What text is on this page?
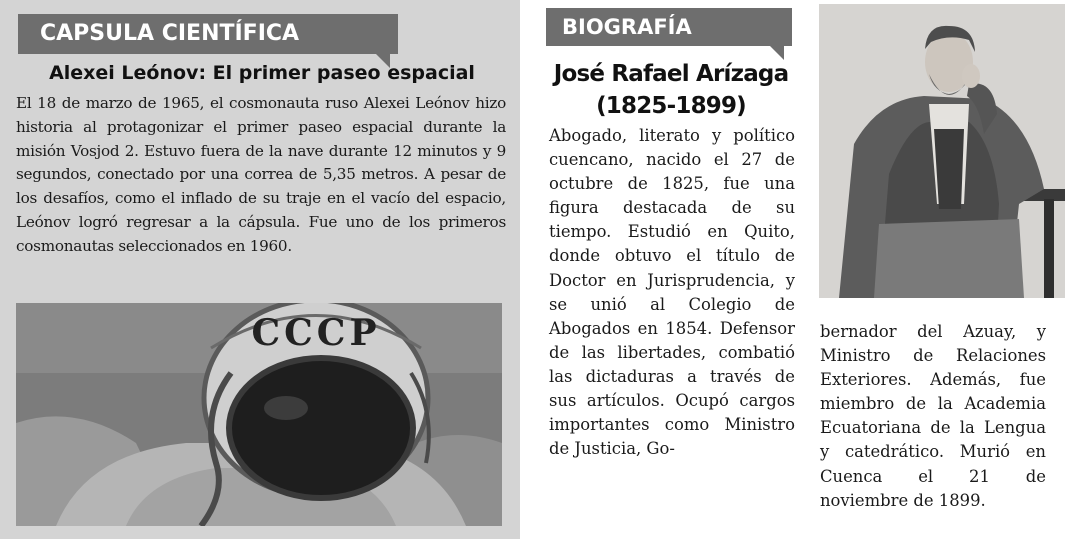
CAPSULA CIENTÍFICA
Alexei Leónov: El primer paseo espacial

El 18 de marzo de 1965, el cosmonauta ruso Alexei Leónov hizo historia al protagonizar el primer paseo espacial durante la misión Vosjod 2. Estuvo fuera de la nave durante 12 minutos y 9 segundos, conectado por una correa de 5,35 metros. A pesar de los desafíos, como el inflado de su traje en el vacío del espacio, Leónov logró regresar a la cápsula. Fue uno de los primeros cosmonautas seleccionados en 1960.

CCCP
BIOGRAFÍA
José Rafael Arízaga
(1825-1899)

Abogado, literato y político cuencano, nacido el 27 de octubre de 1825, fue una figura destacada de su tiempo. Estudió en Quito, donde obtuvo el título de Doctor en Jurisprudencia, y se unió al Colegio de Abogados en 1854. Defensor de las libertades, combatió las dictaduras a través de sus artículos. Ocupó cargos importantes como Ministro de Justicia, Go-

bernador del Azuay, y Ministro de Relaciones Exteriores. Además, fue miembro de la Academia Ecuatoriana de la Lengua y catedrático. Murió en Cuenca el 21 de noviembre de 1899.
